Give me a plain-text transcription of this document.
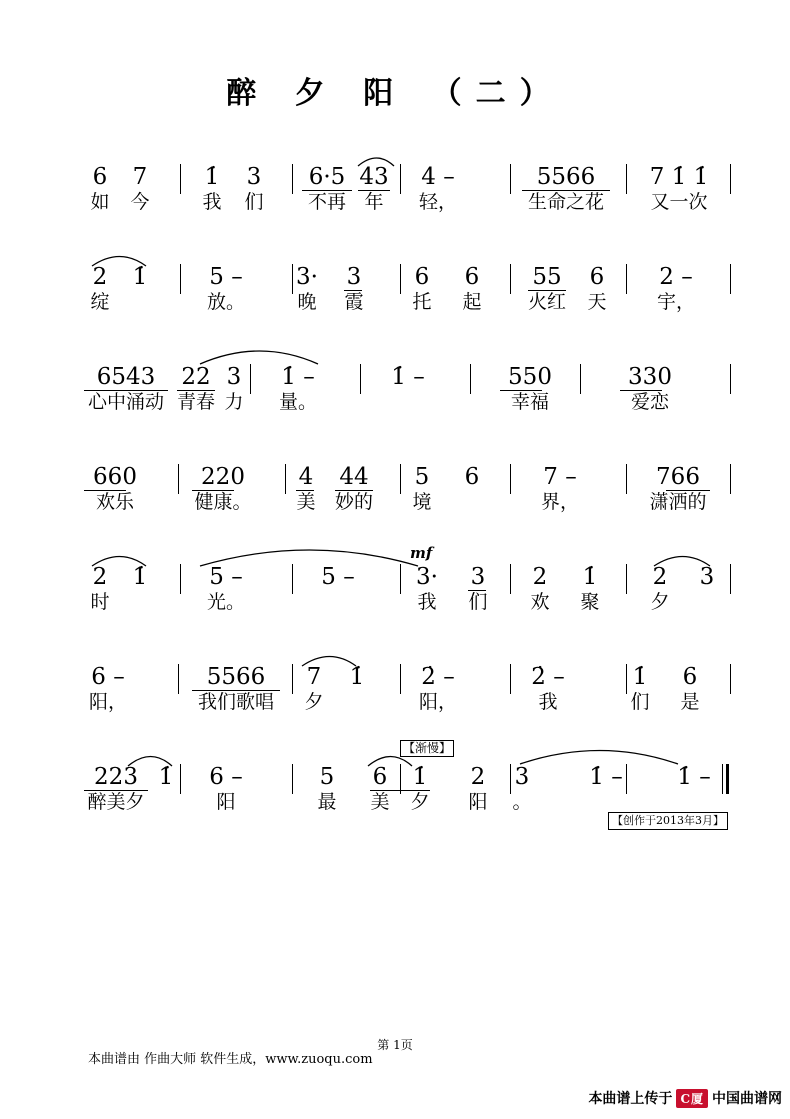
醉 夕 阳 （二）
6
如
7
今
1̇
我
3
们
6·5
不再
43
年
4 –
轻，
5566
生命之花
7 1̇ 1̇
又一次
2
绽
1̇	5 –
放。
3·
晚
3
霞
6
托
6
起
55
火红
6
天
2 –
宇，
6543
心中涌动
22
青春
3
力
1̇ –
量。
1̇ –	550
幸福
330
爱恋
660
欢乐
220
健康。
4
美
44
妙的
5
境
6	7 –
界，
766
潇洒的
mf
2
时
1̇	5 –
光。
5 –	3·
我
3
们
2
欢
1̇
聚
2
夕
3
6 –
阳，
5566
我们歌唱
7
夕
1̇	2̇ –
阳，
2̇ –
我
1̇
们
6
是
【渐慢】
223
醉美夕
1̇	6 –
阳
5
最
6
美
1̇
夕
2
阳
3
。
1̇ –	1̇ –
【创作于2013年3月】
第 1页
本曲谱由 作曲大师 软件生成，www.zuoqu.com
本曲谱上传于 C厦 中国曲谱网
